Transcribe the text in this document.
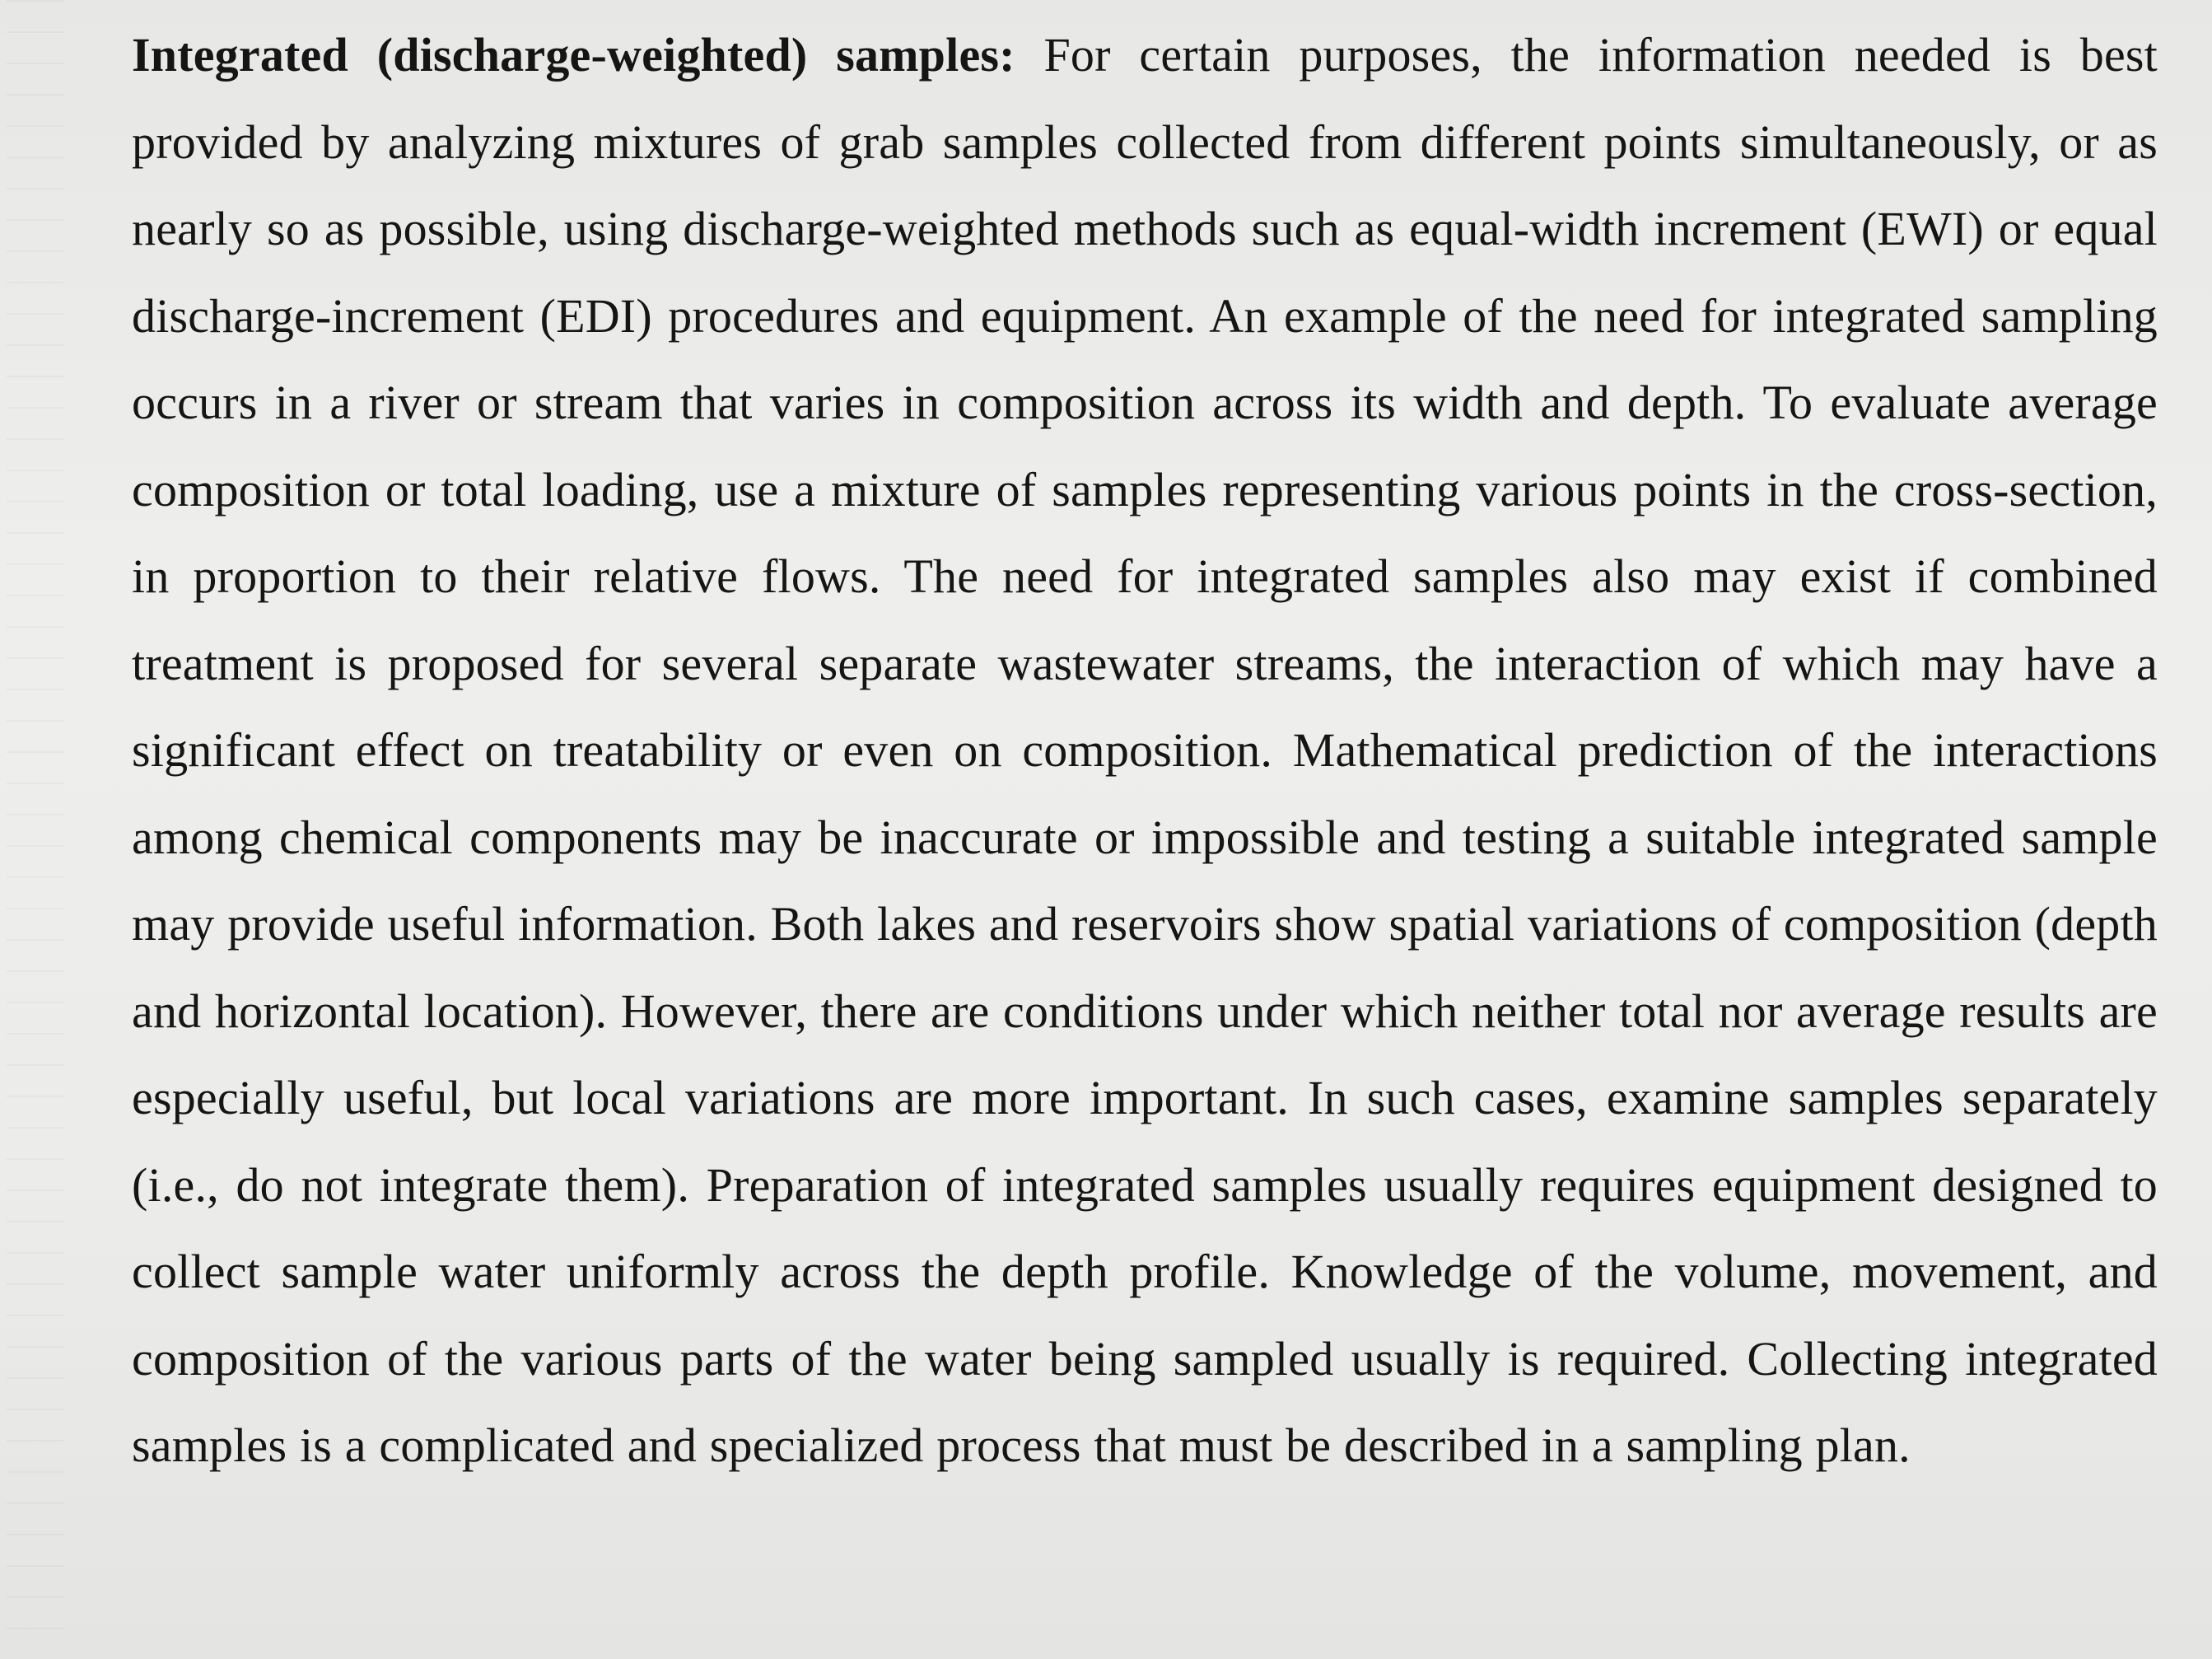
Integrated (discharge-weighted) samples: For certain purposes, the information needed is best provided by analyzing mixtures of grab samples collected from different points simultaneously, or as nearly so as possible, using discharge-weighted methods such as equal-width increment (EWI) or equal discharge-increment (EDI) procedures and equipment. An example of the need for integrated sampling occurs in a river or stream that varies in composition across its width and depth. To evaluate average composition or total loading, use a mixture of samples representing various points in the cross-section, in proportion to their relative flows. The need for integrated samples also may exist if combined treatment is proposed for several separate wastewater streams, the interaction of which may have a significant effect on treatability or even on composition. Mathematical prediction of the interactions among chemical components may be inaccurate or impossible and testing a suitable integrated sample may provide useful information. Both lakes and reservoirs show spatial variations of composition (depth and horizontal location). However, there are conditions under which neither total nor average results are especially useful, but local variations are more important. In such cases, examine samples separately (i.e., do not integrate them). Preparation of integrated samples usually requires equipment designed to collect sample water uniformly across the depth profile. Knowledge of the volume, movement, and composition of the various parts of the water being sampled usually is required. Collecting integrated samples is a complicated and specialized process that must be described in a sampling plan.
